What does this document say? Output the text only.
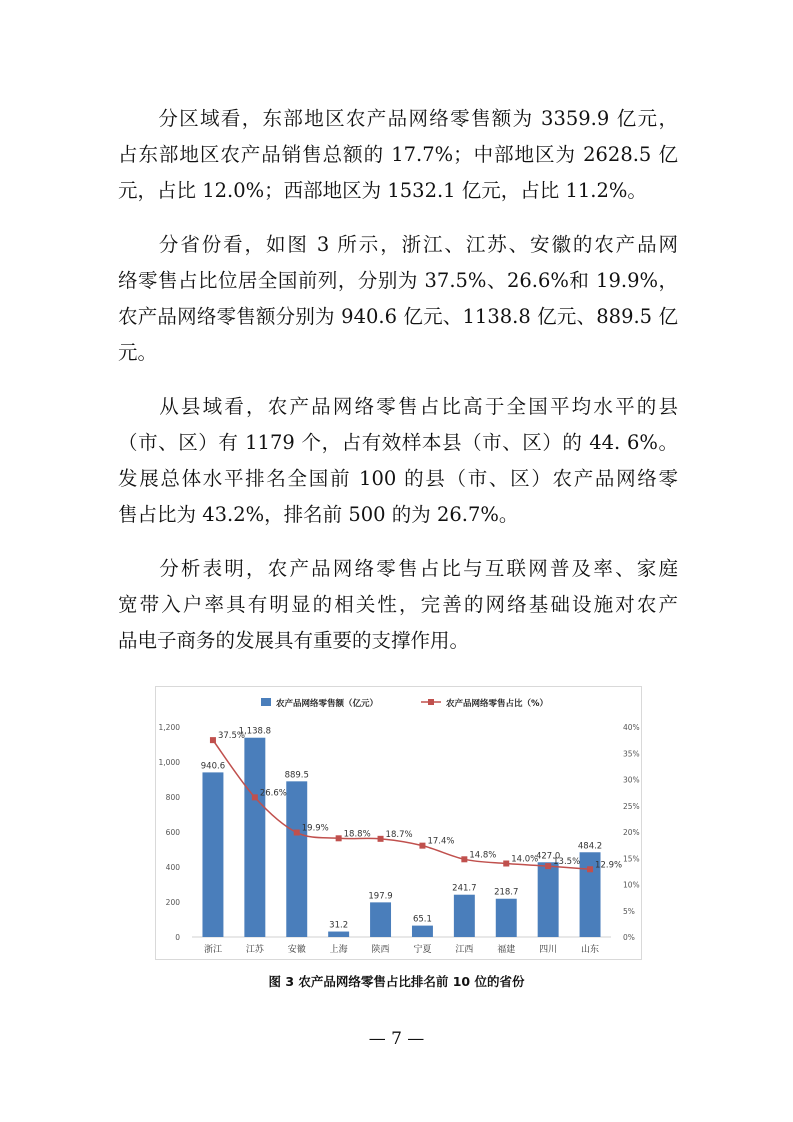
分区域看，东部地区农产品网络零售额为 3359.9 亿元，
占东部地区农产品销售总额的 17.7%；中部地区为 2628.5 亿
元，占比 12.0%；西部地区为 1532.1 亿元，占比 11.2%。
分省份看，如图 3 所示，浙江、江苏、安徽的农产品网
络零售占比位居全国前列，分别为 37.5%、26.6%和 19.9%，
农产品网络零售额分别为 940.6 亿元、1138.8 亿元、889.5 亿
元。
从县域看，农产品网络零售占比高于全国平均水平的县
（市、区）有 1179 个，占有效样本县（市、区）的 44. 6%。
发展总体水平排名全国前 100 的县（市、区）农产品网络零
售占比为 43.2%，排名前 500 的为 26.7%。
分析表明，农产品网络零售占比与互联网普及率、家庭
宽带入户率具有明显的相关性，完善的网络基础设施对农产
品电子商务的发展具有重要的支撑作用。
农产品网络零售额（亿元）	农产品网络零售占比（%）
0
200
400
600
800
1,000
1,200
0%
5%
10%
15%
20%
25%
30%
35%
40%
940.6
1,138.8
889.5
31.2
197.9
65.1
241.7 218.7
427.0
484.2
浙江	江苏	安徽	上海	陕西	宁夏	江西	福建	四川	山东
37.5%
26.6%
19.9%
18.8% 18.7%
17.4%
14.8% 14.0% 13.5% 12.9%
图 3 农产品网络零售占比排名前 10 位的省份
— 7 —
